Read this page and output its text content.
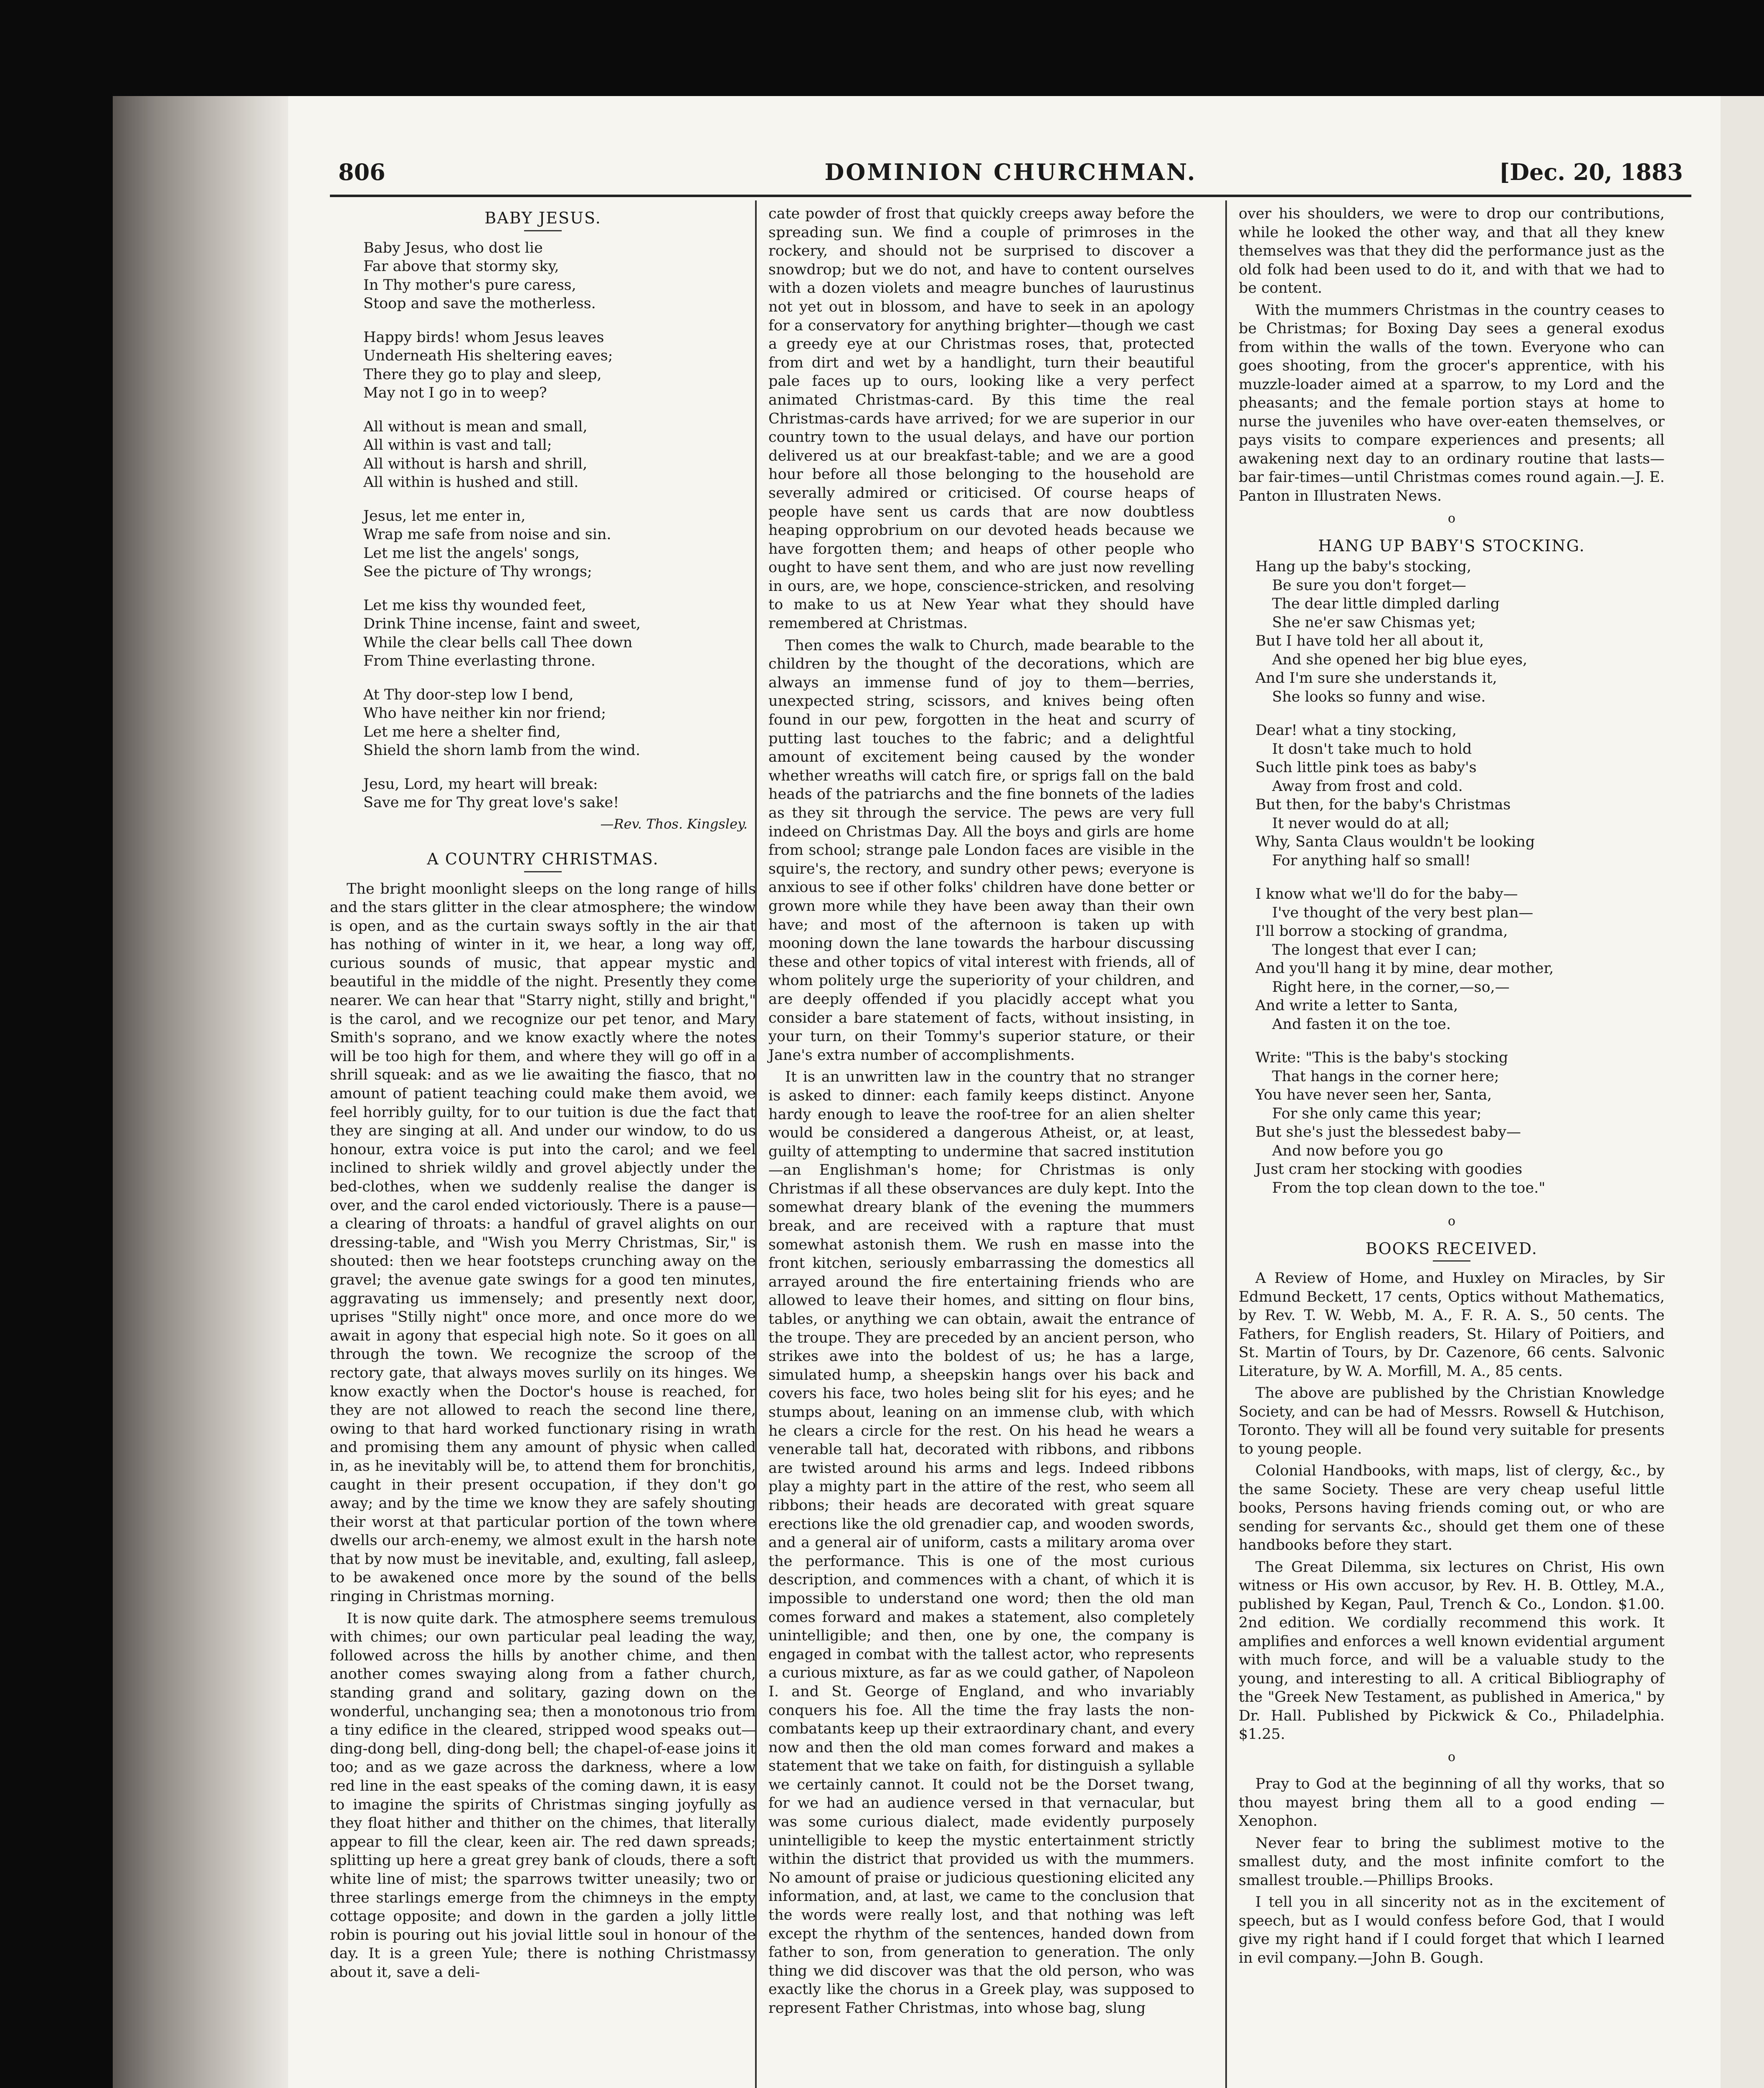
806	DOMINION CHURCHMAN.	[Dec. 20, 1883
BABY JESUS.
Baby Jesus, who dost lie
Far above that stormy sky,
In Thy mother's pure caress,
Stoop and save the motherless.
Happy birds! whom Jesus leaves
Underneath His sheltering eaves;
There they go to play and sleep,
May not I go in to weep?
All without is mean and small,
All within is vast and tall;
All without is harsh and shrill,
All within is hushed and still.
Jesus, let me enter in,
Wrap me safe from noise and sin.
Let me list the angels' songs,
See the picture of Thy wrongs;
Let me kiss thy wounded feet,
Drink Thine incense, faint and sweet,
While the clear bells call Thee down
From Thine everlasting throne.
At Thy door-step low I bend,
Who have neither kin nor friend;
Let me here a shelter find,
Shield the shorn lamb from the wind.
Jesu, Lord, my heart will break:
Save me for Thy great love's sake!
—Rev. Thos. Kingsley.
A COUNTRY CHRISTMAS.

The bright moonlight sleeps on the long range of hills and the stars glitter in the clear atmosphere; the window is open, and as the curtain sways softly in the air that has nothing of winter in it, we hear, a long way off, curious sounds of music, that appear mystic and beautiful in the middle of the night. Presently they come nearer. We can hear that "Starry night, stilly and bright," is the carol, and we recognize our pet tenor, and Mary Smith's soprano, and we know exactly where the notes will be too high for them, and where they will go off in a shrill squeak: and as we lie awaiting the fiasco, that no amount of patient teaching could make them avoid, we feel horribly guilty, for to our tuition is due the fact that they are singing at all. And under our window, to do us honour, extra voice is put into the carol; and we feel inclined to shriek wildly and grovel abjectly under the bed-clothes, when we suddenly realise the danger is over, and the carol ended victoriously. There is a pause—a clearing of throats: a handful of gravel alights on our dressing-table, and "Wish you Merry Christmas, Sir," is shouted: then we hear footsteps crunching away on the gravel; the avenue gate swings for a good ten minutes, aggravating us immensely; and presently next door, uprises "Stilly night" once more, and once more do we await in agony that especial high note. So it goes on all through the town. We recognize the scroop of the rectory gate, that always moves surlily on its hinges. We know exactly when the Doctor's house is reached, for they are not allowed to reach the second line there, owing to that hard worked functionary rising in wrath and promising them any amount of physic when called in, as he inevitably will be, to attend them for bronchitis, caught in their present occupation, if they don't go away; and by the time we know they are safely shouting their worst at that particular portion of the town where dwells our arch-enemy, we almost exult in the harsh note that by now must be inevitable, and, exulting, fall asleep, to be awakened once more by the sound of the bells ringing in Christmas morning.

It is now quite dark. The atmosphere seems tremulous with chimes; our own particular peal leading the way, followed across the hills by another chime, and then another comes swaying along from a father church, standing grand and solitary, gazing down on the wonderful, unchanging sea; then a monotonous trio from a tiny edifice in the cleared, stripped wood speaks out—ding-dong bell, ding-dong bell; the chapel-of-ease joins it too; and as we gaze across the darkness, where a low red line in the east speaks of the coming dawn, it is easy to imagine the spirits of Christmas singing joyfully as they float hither and thither on the chimes, that literally appear to fill the clear, keen air. The red dawn spreads; splitting up here a great grey bank of clouds, there a soft white line of mist; the sparrows twitter uneasily; two or three starlings emerge from the chimneys in the empty cottage opposite; and down in the garden a jolly little robin is pouring out his jovial little soul in honour of the day. It is a green Yule; there is nothing Christmassy about it, save a deli-

cate powder of frost that quickly creeps away before the spreading sun. We find a couple of primroses in the rockery, and should not be surprised to discover a snowdrop; but we do not, and have to content ourselves with a dozen violets and meagre bunches of laurustinus not yet out in blossom, and have to seek in an apology for a conservatory for anything brighter—though we cast a greedy eye at our Christmas roses, that, protected from dirt and wet by a handlight, turn their beautiful pale faces up to ours, looking like a very perfect animated Christmas-card. By this time the real Christmas-cards have arrived; for we are superior in our country town to the usual delays, and have our portion delivered us at our breakfast-table; and we are a good hour before all those belonging to the household are severally admired or criticised. Of course heaps of people have sent us cards that are now doubtless heaping opprobrium on our devoted heads because we have forgotten them; and heaps of other people who ought to have sent them, and who are just now revelling in ours, are, we hope, conscience-stricken, and resolving to make to us at New Year what they should have remembered at Christmas.

Then comes the walk to Church, made bearable to the children by the thought of the decorations, which are always an immense fund of joy to them—berries, unexpected string, scissors, and knives being often found in our pew, forgotten in the heat and scurry of putting last touches to the fabric; and a delightful amount of excitement being caused by the wonder whether wreaths will catch fire, or sprigs fall on the bald heads of the patriarchs and the fine bonnets of the ladies as they sit through the service. The pews are very full indeed on Christmas Day. All the boys and girls are home from school; strange pale London faces are visible in the squire's, the rectory, and sundry other pews; everyone is anxious to see if other folks' children have done better or grown more while they have been away than their own have; and most of the afternoon is taken up with mooning down the lane towards the harbour discussing these and other topics of vital interest with friends, all of whom politely urge the superiority of your children, and are deeply offended if you placidly accept what you consider a bare statement of facts, without insisting, in your turn, on their Tommy's superior stature, or their Jane's extra number of accomplishments.

It is an unwritten law in the country that no stranger is asked to dinner: each family keeps distinct. Anyone hardy enough to leave the roof-tree for an alien shelter would be considered a dangerous Atheist, or, at least, guilty of attempting to undermine that sacred institution—an Englishman's home; for Christmas is only Christmas if all these observances are duly kept. Into the somewhat dreary blank of the evening the mummers break, and are received with a rapture that must somewhat astonish them. We rush en masse into the front kitchen, seriously embarrassing the domestics all arrayed around the fire entertaining friends who are allowed to leave their homes, and sitting on flour bins, tables, or anything we can obtain, await the entrance of the troupe. They are preceded by an ancient person, who strikes awe into the boldest of us; he has a large, simulated hump, a sheepskin hangs over his back and covers his face, two holes being slit for his eyes; and he stumps about, leaning on an immense club, with which he clears a circle for the rest. On his head he wears a venerable tall hat, decorated with ribbons, and ribbons are twisted around his arms and legs. Indeed ribbons play a mighty part in the attire of the rest, who seem all ribbons; their heads are decorated with great square erections like the old grenadier cap, and wooden swords, and a general air of uniform, casts a military aroma over the performance. This is one of the most curious description, and commences with a chant, of which it is impossible to understand one word; then the old man comes forward and makes a statement, also completely unintelligible; and then, one by one, the company is engaged in combat with the tallest actor, who represents a curious mixture, as far as we could gather, of Napoleon I. and St. George of England, and who invariably conquers his foe. All the time the fray lasts the non-combatants keep up their extraordinary chant, and every now and then the old man comes forward and makes a statement that we take on faith, for distinguish a syllable we certainly cannot. It could not be the Dorset twang, for we had an audience versed in that vernacular, but was some curious dialect, made evidently purposely unintelligible to keep the mystic entertainment strictly within the district that provided us with the mummers. No amount of praise or judicious questioning elicited any information, and, at last, we came to the conclusion that the words were really lost, and that nothing was left except the rhythm of the sentences, handed down from father to son, from generation to generation. The only thing we did discover was that the old person, who was exactly like the chorus in a Greek play, was supposed to represent Father Christmas, into whose bag, slung

over his shoulders, we were to drop our contributions, while he looked the other way, and that all they knew themselves was that they did the performance just as the old folk had been used to do it, and with that we had to be content.

With the mummers Christmas in the country ceases to be Christmas; for Boxing Day sees a general exodus from within the walls of the town. Everyone who can goes shooting, from the grocer's apprentice, with his muzzle-loader aimed at a sparrow, to my Lord and the pheasants; and the female portion stays at home to nurse the juveniles who have over-eaten themselves, or pays visits to compare experiences and presents; all awakening next day to an ordinary routine that lasts—bar fair-times—until Christmas comes round again.—J. E. Panton in Illustraten News.

o
HANG UP BABY'S STOCKING.
Hang up the baby's stocking,
Be sure you don't forget—
The dear little dimpled darling
She ne'er saw Chismas yet;
But I have told her all about it,
And she opened her big blue eyes,
And I'm sure she understands it,
She looks so funny and wise.
Dear! what a tiny stocking,
It dosn't take much to hold
Such little pink toes as baby's
Away from frost and cold.
But then, for the baby's Christmas
It never would do at all;
Why, Santa Claus wouldn't be looking
For anything half so small!
I know what we'll do for the baby—
I've thought of the very best plan—
I'll borrow a stocking of grandma,
The longest that ever I can;
And you'll hang it by mine, dear mother,
Right here, in the corner,—so,—
And write a letter to Santa,
And fasten it on the toe.
Write: "This is the baby's stocking
That hangs in the corner here;
You have never seen her, Santa,
For she only came this year;
But she's just the blessedest baby—
And now before you go
Just cram her stocking with goodies
From the top clean down to the toe."
o
BOOKS RECEIVED.

A Review of Home, and Huxley on Miracles, by Sir Edmund Beckett, 17 cents, Optics without Mathematics, by Rev. T. W. Webb, M. A., F. R. A. S., 50 cents. The Fathers, for English readers, St. Hilary of Poitiers, and St. Martin of Tours, by Dr. Cazenore, 66 cents. Salvonic Literature, by W. A. Morfill, M. A., 85 cents.

The above are published by the Christian Knowledge Society, and can be had of Messrs. Rowsell & Hutchison, Toronto. They will all be found very suitable for presents to young people.

Colonial Handbooks, with maps, list of clergy, &c., by the same Society. These are very cheap useful little books, Persons having friends coming out, or who are sending for servants &c., should get them one of these handbooks before they start.

The Great Dilemma, six lectures on Christ, His own witness or His own accusor, by Rev. H. B. Ottley, M.A., published by Kegan, Paul, Trench & Co., London. $1.00. 2nd edition. We cordially recommend this work. It amplifies and enforces a well known evidential argument with much force, and will be a valuable study to the young, and interesting to all. A critical Bibliography of the "Greek New Testament, as published in America," by Dr. Hall. Published by Pickwick & Co., Philadelphia. $1.25.

o

Pray to God at the beginning of all thy works, that so thou mayest bring them all to a good ending —Xenophon.

Never fear to bring the sublimest motive to the smallest duty, and the most infinite comfort to the smallest trouble.—Phillips Brooks.

I tell you in all sincerity not as in the excitement of speech, but as I would confess before God, that I would give my right hand if I could forget that which I learned in evil company.—John B. Gough.
